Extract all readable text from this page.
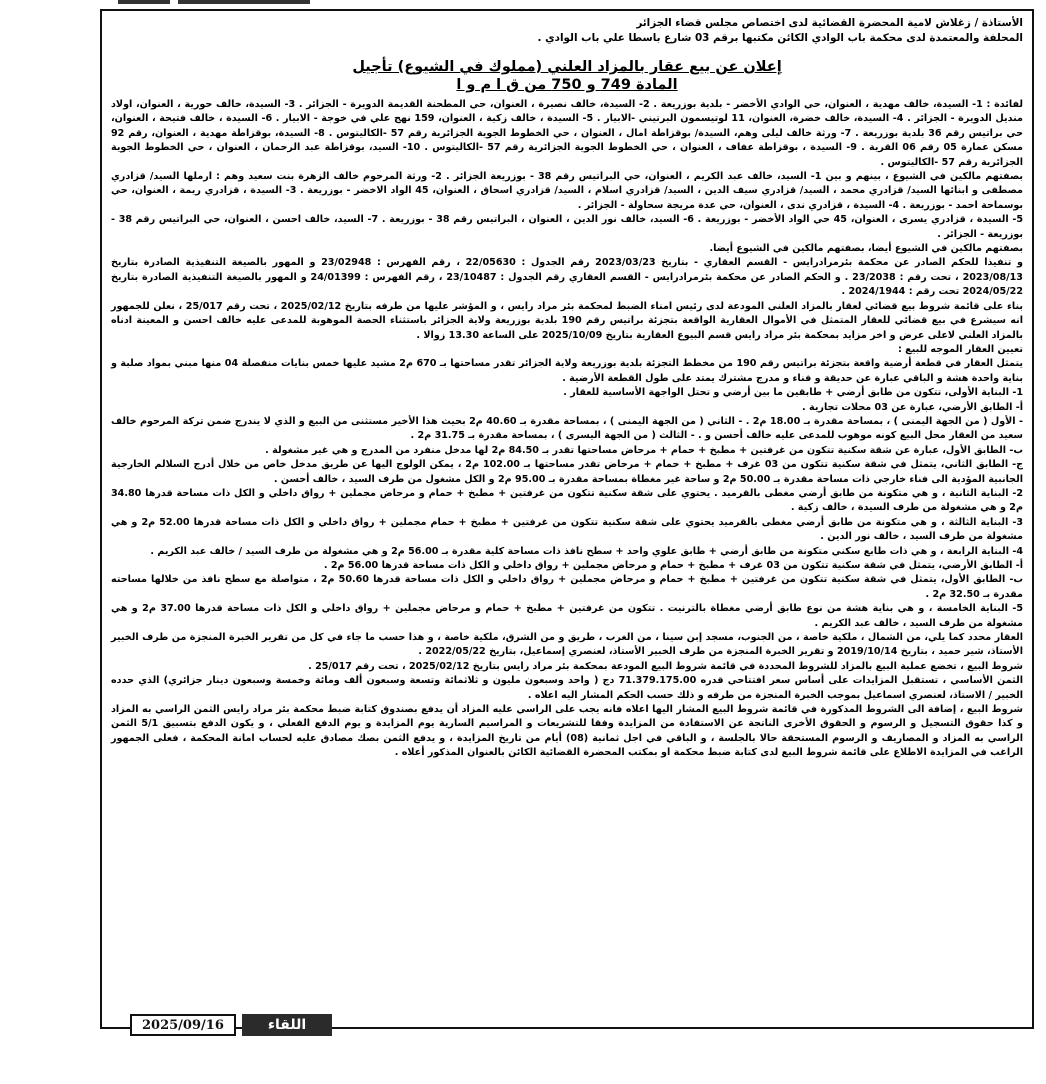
الأستاذة / زغلاش لامية المحضرة القضائية لدى اختصاص مجلس قضاء الجزائر

المحلفة والمعتمدة لدى محكمة باب الوادي الكائن مكتبها برقم 03 شارع باسطا علي باب الوادي .

إعلان عن بيع عقار بالمزاد العلني (مملوك في الشيوع) تأجيل
المادة 749 و 750 من ق ا م و ا

لفائدة : 1- السيدة، خالف مهدية ، العنوان، حي الوادي الأخضر - بلدية بوزريعة . 2- السيدة، خالف نصيرة ، العنوان، حي المطحنة القديمة الدويرة - الجزائر . 3- السيدة، خالف حورية ، العنوان، اولاد منديل الدويرة - الجزائر . 4- السيدة، خالف خضرة، العنوان، 11 لوتيسمون البرتيني -الابيار . 5- السيدة ، خالف زكية ، العنوان، 159 نهج علي في خوجة - الابيار . 6- السيدة ، خالف فتيحة ، العنوان، حي براتيس رقم 36 بلدية بوزريعة . 7- ورثة خالف ليلى وهم، السيدة/ بوقزاطة امال ، العنوان ، حي الخطوط الجوية الجزائرية رقم 57 -الكاليتوس . 8- السيدة، بوقزاطة مهدية ، العنوان، رقم 92 مسكن عمارة 05 رقم 06 القرية . 9- السيدة ، بوقزاطة عفاف ، العنوان ، حي الخطوط الجوية الجزائرية رقم 57 -الكاليتوس . 10- السيد، بوقزاطة عبد الرحمان ، العنوان ، حي الخطوط الجوية الجزائرية رقم 57 -الكاليتوس .

بصفتهم مالكين في الشيوع ، بينهم و بين 1- السيد، خالف عبد الكريم ، العنوان، حي البراتيس رقم 38 - بوزريعة الجزائر . 2- ورثة المرحوم خالف الزهرة بنت سعيد وهم : ارملها السيد/ قزادري مصطفى و ابنائها السيد/ قزادري محمد ، السيد/ قزادري سيف الدين ، السيد/ قزادري اسلام ، السيد/ قزادري اسحاق ، العنوان، 45 الواد الاخضر - بوزريعة . 3- السيدة ، قزادري ريمة ، العنوان، حي بوسماحة احمد - بوزريعة . 4- السيدة ، قزادري ندى ، العنوان، حي عدة مريجة سحاولة - الجزائر .

5- السيدة ، قزادري يسرى ، العنوان، 45 حي الواد الأخضر - بوزريعة . 6- السيد، خالف نور الدين ، العنوان ، البراتيس رقم 38 - بوزريعة . 7- السيد، خالف احسن ، العنوان، حي البراتيس رقم 38 - بوزريعة - الجزائر .

بصفتهم مالكين في الشيوع أيضا، بصفتهم مالكين في الشيوع أيضا.

و تنفيذا للحكم الصادر عن محكمة بئرمرادرايس - القسم العقاري - بتاريخ 2023/03/23 رقم الجدول : 22/05630 ، رقم الفهرس : 23/02948 و المهور بالصيغة التنفيذية الصادرة بتاريخ 2023/08/13 ، تحت رقم : 23/2038 . و الحكم الصادر عن محكمة بئرمرادرايس - القسم العقاري رقم الجدول : 23/10487 ، رقم الفهرس : 24/01399 و المهور بالصيغة التنفيذية الصادرة بتاريخ 2024/05/22 تحت رقم : 2024/1944 .

بناء على قائمة شروط بيع قضائي لعقار بالمزاد العلني المودعة لدى رئيس امناء الضبط لمحكمة بئر مراد رايس ، و المؤشر عليها من طرفه بتاريخ 2025/02/12 ، تحت رقم 25/017 ، نعلن للجمهور انه سيشرع في بيع قضائي للعقار المتمثل في الأموال العقارية الواقعة بتجزئة براتيس رقم 190 بلدية بوزريعة ولاية الجزائر باستثناء الحصة الموهوبة للمدعى عليه خالف احسن و المعينة ادناه بالمزاد العلني لاعلى عرض و اخر مزايد بمحكمة بئر مراد رايس قسم البيوع العقارية بتاريخ 2025/10/09 على الساعة 13.30 زوالا .

تعيين العقار الموجه للبيع :

يتمثل العقار في قطعة أرضية واقعة بتجزئة براتيس رقم 190 من مخطط التجزئة بلدية بوزريعة ولاية الجزائر تقدر مساحتها بـ 670 م2 مشيد عليها خمس بنايات منفصلة 04 منها مبني بمواد صلبة و بناية واحدة هشة و الباقي عبارة عن حديقة و فناء و مدرج مشترك يمتد على طول القطعة الأرضية .

1- البناية الأولى، تتكون من طابق أرضي + طابقين ما بين أرضي و تحتل الواجهة الأساسية للعقار .

أ- الطابق الأرضي، عبارة عن 03 محلات تجارية .

- الأول ( من الجهة اليمنى ) ، بمساحة مقدرة بـ 18.00 م2 . - الثاني ( من الجهة اليمنى ) ، بمساحة مقدرة بـ 40.60 م2 بحيث هذا الأخير مستثنى من البيع و الذي لا يندرج ضمن تركة المرحوم خالف سعيد من العقار محل البيع كونه موهوب للمدعى عليه خالف أحسن و . - الثالث ( من الجهة اليسرى ) ، بمساحة مقدرة بـ 31.75 م2 .

ب- الطابق الأول، عبارة عن شقة سكنية تتكون من غرفتين + مطبخ + حمام + مرحاض مساحتها تقدر بـ 84.50 م2 لها مدخل منفرد من المدرج و هي غير مشغولة .

ج- الطابق الثاني، يتمثل في شقة سكنية تتكون من 03 غرف + مطبخ + حمام + مرحاض تقدر مساحتها بـ 102.00 م2 ، يمكن الولوج اليها عن طريق مدخل خاص من خلال أدرج السلالم الخارجية الجانبية المؤدية الى فناء خارجي ذات مساحة مقدرة بـ 50.00 م2 و ساحة غير مغطاة بمساحة مقدرة بـ 95.00 م2 و الكل مشغول من طرف السيد ، خالف أحسن .

2- البناية الثانية ، و هي متكونة من طابق أرضي مغطى بالقرميد . يحتوي على شقة سكنية تتكون من غرفتين + مطبخ + حمام و مرحاض مجملين + رواق داخلي و الكل ذات مساحة قدرها 34.80 م2 و هي مشغولة من طرف السيدة ، خالف زكية .

3- البناية الثالثة ، و هي متكونة من طابق أرضي مغطى بالقرميد يحتوي على شقة سكنية تتكون من غرفتين + مطبخ + حمام مجملين + رواق داخلي و الكل ذات مساحة قدرها 52.00 م2 و هي مشغولة من طرف السيد ، خالف نور الدين .

4- البناية الرابعة ، و هي ذات طابع سكني متكونة من طابق أرضي + طابق علوي واحد + سطح نافذ ذات مساحة كلية مقدرة بـ 56.00 م2 و هي مشغولة من طرف السيد / خالف عبد الكريم .

أ- الطابق الأرضي، يتمثل في شقة سكنية تتكون من 03 غرف + مطبخ + حمام و مرحاض مجملين + رواق داخلي و الكل ذات مساحة قدرها 56.00 م2 .

ب- الطابق الأول، يتمثل في شقة سكنية تتكون من غرفتين + مطبخ + حمام و مرحاض مجملين + رواق داخلي و الكل ذات مساحة قدرها 50.60 م2 ، متواصلة مع سطح نافذ من خلالها مساحته مقدرة بـ 32.50 م2 .

5- البناية الخامسة ، و هي بناية هشة من نوع طابق أرضي مغطاة بالترنيت . تتكون من غرفتين + مطبخ + حمام و مرحاض مجملين + رواق داخلي و الكل ذات مساحة قدرها 37.00 م2 و هي مشغولة من طرف السيد ، خالف عبد الكريم .

العقار محدد كما يلي، من الشمال ، ملكية خاصة ، من الجنوب، مسجد إبن سينا ، من الغرب ، طريق و من الشرق، ملكية خاصة ، و هذا حسب ما جاء في كل من تقرير الخبرة المنجزة من طرف الخبير الأستاذ، شير حميد ، بتاريخ 2019/10/14 و تقرير الخبرة المنجزة من طرف الخبير الأستاذ، لعنصري إسماعيل، بتاريخ 2022/05/22 .

شروط البيع ، تخضع عملية البيع بالمزاد للشروط المحددة في قائمة شروط البيع المودعة بمحكمة بئر مراد رايس بتاريخ 2025/02/12 ، تحت رقم 25/017 .

الثمن الأساسي ، تستقبل المزايدات على أساس سعر افتتاحي قدره 71.379.175.00 دج ( واحد وسبعون مليون و ثلاثمائة وتسعة وسبعون ألف ومائة وخمسة وسبعون دينار جزائري) الذي حدده الخبير / الاستاذ، لعنصري اسماعيل بموجب الخبرة المنجزة من طرفه و ذلك حسب الحكم المشار اليه اعلاه .

شروط البيع ، إضافة الى الشروط المذكورة في قائمة شروط البيع المشار اليها اعلاه فانه يجب على الراسي عليه المزاد أن يدفع بصندوق كتابة ضبط محكمة بئر مراد رايس الثمن الراسي به المزاد و كذا حقوق التسجيل و الرسوم و الحقوق الأخرى الناتجة عن الاستفادة من المزايدة وفقا للتشريعات و المراسيم السارية يوم المزايدة و يوم الدفع الفعلي ، و يكون الدفع بتسبيق 5/1 الثمن الراسي به المزاد و المصاريف و الرسوم المستحقة حالا بالجلسة ، و الباقي في اجل ثمانية (08) أيام من تاريخ المزايدة ، و يدفع الثمن بصك مصادق عليه لحساب امانة المحكمة ، فعلى الجمهور الراغب في المزايدة الاطلاع على قائمة شروط البيع لدى كتابة ضبط محكمة او بمكتب المحضرة القضائية الكائن بالعنوان المذكور أعلاه .

2025/09/16	اللقاء
